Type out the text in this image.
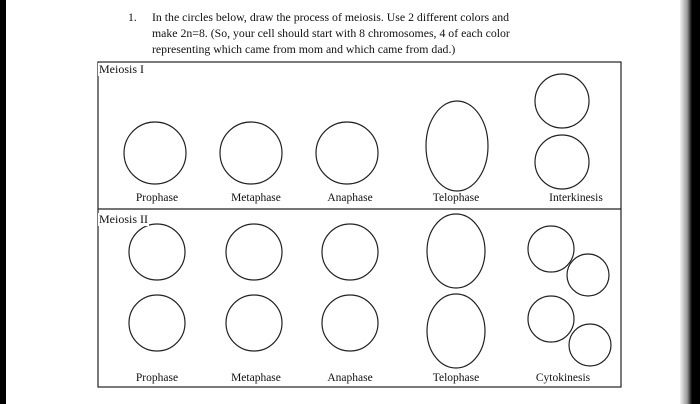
1.	In the circles below, draw the process of meiosis. Use 2 different colors and
make 2n=8. (So, your cell should start with 8 chromosomes, 4 of each color
representing which came from mom and which came from dad.)
Meiosis I
Meiosis II
Prophase	Metaphase	Anaphase	Telophase	Interkinesis
Prophase	Metaphase	Anaphase	Telophase	Cytokinesis
